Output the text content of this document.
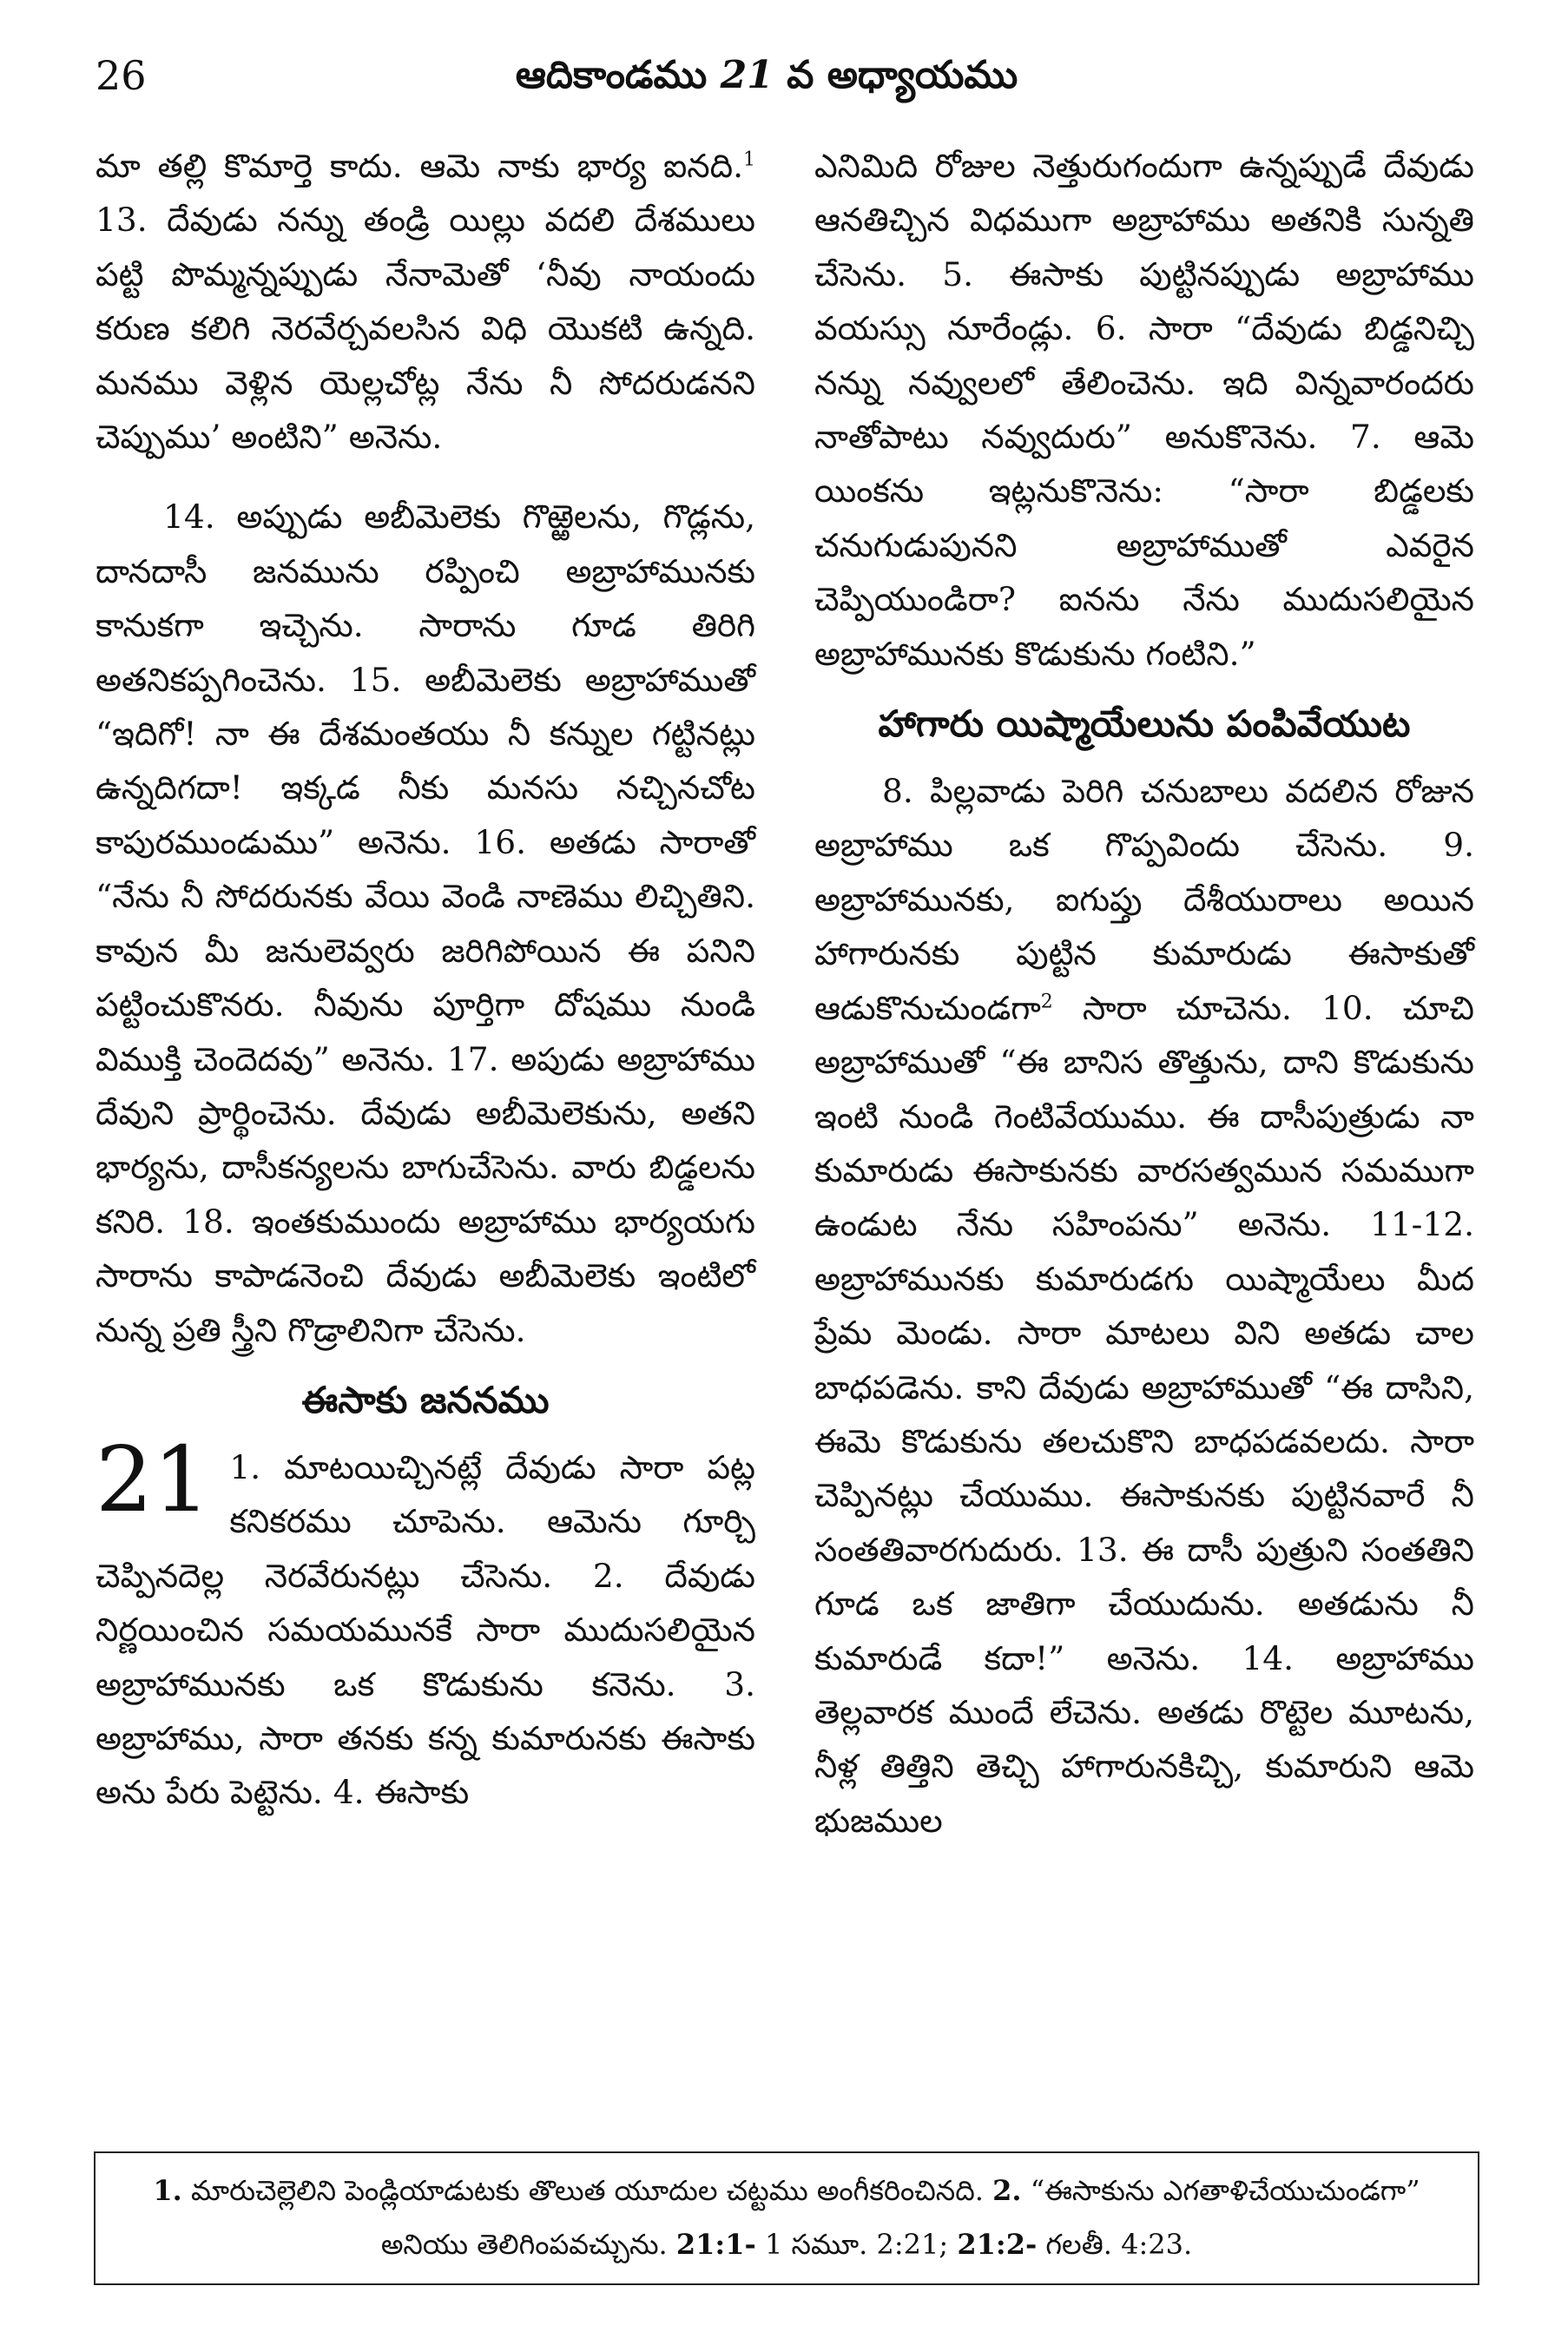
26	ఆదికాండము 21 వ అధ్యాయము

మా తల్లి కొమార్తె కాదు. ఆమె నాకు భార్య ఐనది.$^1$ 13. దేవుడు నన్ను తండ్రి యిల్లు వదలి దేశములు పట్టి పొమ్మన్నప్పుడు నేనామెతో ‘నీవు నాయందు కరుణ కలిగి నెరవేర్చవలసిన విధి యొకటి ఉన్నది. మనము వెళ్లిన యెల్లచోట్ల నేను నీ సోదరుడనని చెప్పుము’ అంటిని” అనెను.

14. అప్పుడు అబీమెలెకు గొఱ్ఱెలను, గొడ్లను, దానదాసీ జనమును రప్పించి అబ్రాహామునకు కానుకగా ఇచ్చెను. సారాను గూడ తిరిగి అతనికప్పగించెను. 15. అబీమెలెకు అబ్రాహాముతో “ఇదిగో! నా ఈ దేశమంతయు నీ కన్నుల గట్టినట్లు ఉన్నదిగదా! ఇక్కడ నీకు మనసు నచ్చినచోట కాపురముండుము” అనెను. 16. అతడు సారాతో “నేను నీ సోదరునకు వేయి వెండి నాణెము లిచ్చితిని. కావున మీ జనులెవ్వరు జరిగిపోయిన ఈ పనిని పట్టించుకొనరు. నీవును పూర్తిగా దోషము నుండి విముక్తి చెందెదవు” అనెను. 17. అపుడు అబ్రాహాము దేవుని ప్రార్థించెను. దేవుడు అబీమెలెకును, అతని భార్యను, దాసీకన్యలను బాగుచేసెను. వారు బిడ్డలను కనిరి. 18. ఇంతకుముందు అబ్రాహాము భార్యయగు సారాను కాపాడనెంచి దేవుడు అబీమెలెకు ఇంటిలో నున్న ప్రతి స్త్రీని గొడ్రాలినిగా చేసెను.

ఈసాకు జననము

21 1. మాటయిచ్చినట్లే దేవుడు సారా పట్ల కనికరము చూపెను. ఆమెను గూర్చి చెప్పినదెల్ల నెరవేరునట్లు చేసెను. 2. దేవుడు నిర్ణయించిన సమయమునకే సారా ముదుసలియైన అబ్రాహామునకు ఒక కొడుకును కనెను. 3. అబ్రాహాము, సారా తనకు కన్న కుమారునకు ఈసాకు అను పేరు పెట్టెను. 4. ఈసాకు

ఎనిమిది రోజుల నెత్తురుగందుగా ఉన్నప్పుడే దేవుడు ఆనతిచ్చిన విధముగా అబ్రాహాము అతనికి సున్నతి చేసెను. 5. ఈసాకు పుట్టినప్పుడు అబ్రాహాము వయస్సు నూరేండ్లు. 6. సారా “దేవుడు బిడ్డనిచ్చి నన్ను నవ్వులలో తేలించెను. ఇది విన్నవారందరు నాతోపాటు నవ్వుదురు” అనుకొనెను. 7. ఆమె యింకను ఇట్లనుకొనెను: “సారా బిడ్డలకు చనుగుడుపునని అబ్రాహాముతో ఎవరైన చెప్పియుండిరా? ఐనను నేను ముదుసలియైన అబ్రాహామునకు కొడుకును గంటిని.”

హాగారు యిష్మాయేలును పంపివేయుట

8. పిల్లవాడు పెరిగి చనుబాలు వదలిన రోజున అబ్రాహాము ఒక గొప్పవిందు చేసెను. 9. అబ్రాహామునకు, ఐగుప్తు దేశీయురాలు అయిన హాగారునకు పుట్టిన కుమారుడు ఈసాకుతో ఆడుకొనుచుండగా$^2$ సారా చూచెను. 10. చూచి అబ్రాహాముతో “ఈ బానిస తొత్తును, దాని కొడుకును ఇంటి నుండి గెంటివేయుము. ఈ దాసీపుత్రుడు నా కుమారుడు ఈసాకునకు వారసత్వమున సమముగా ఉండుట నేను సహింపను” అనెను. 11-12. అబ్రాహామునకు కుమారుడగు యిష్మాయేలు మీద ప్రేమ మెండు. సారా మాటలు విని అతడు చాల బాధపడెను. కాని దేవుడు అబ్రాహాముతో “ఈ దాసిని, ఈమె కొడుకును తలచుకొని బాధపడవలదు. సారా చెప్పినట్లు చేయుము. ఈసాకునకు పుట్టినవారే నీ సంతతివారగుదురు. 13. ఈ దాసీ పుత్రుని సంతతిని గూడ ఒక జాతిగా చేయుదును. అతడును నీ కుమారుడే కదా!” అనెను. 14. అబ్రాహాము తెల్లవారక ముందే లేచెను. అతడు రొట్టెల మూటను, నీళ్ల తిత్తిని తెచ్చి హాగారునకిచ్చి, కుమారుని ఆమె భుజముల

1. మారుచెల్లెలిని పెండ్లియాడుటకు తొలుత యూదుల చట్టము అంగీకరించినది. 2. “ఈసాకును ఎగతాళిచేయుచుండగా” అనియు తెలిగింపవచ్చును. 21:1- 1 సమూ. 2:21; 21:2- గలతీ. 4:23.
